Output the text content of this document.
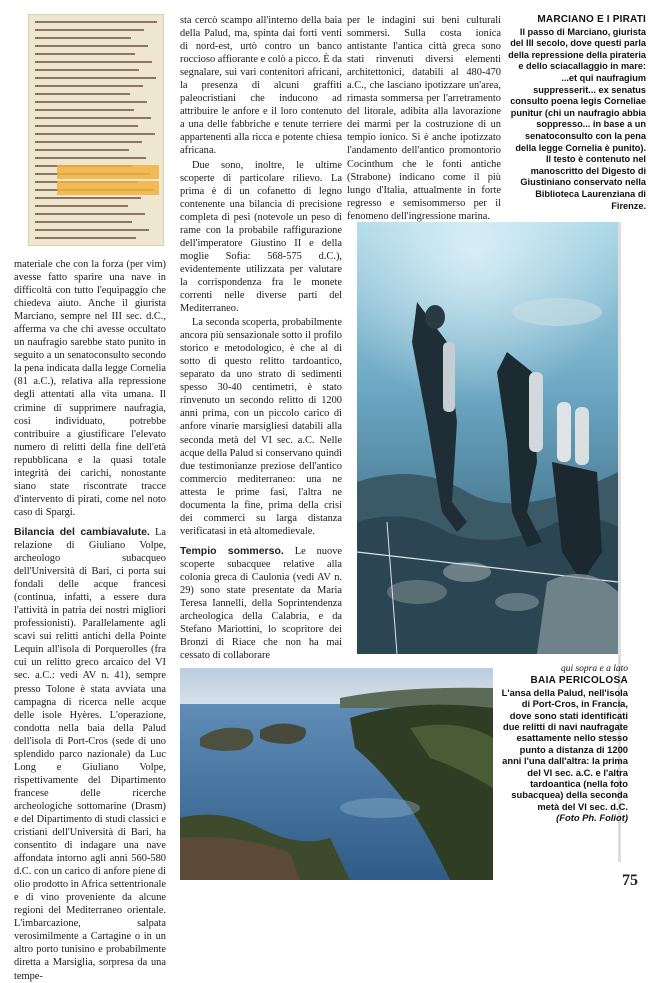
materiale che con la forza (per vim) avesse fatto sparire una nave in difficoltà con tutto l'equipaggio che chiedeva aiuto. Anche il giurista Marciano, sempre nel III sec. d.C., afferma va che chi avesse occultato un naufragio sarebbe stato punito in seguito a un senatoconsulto secondo la pena indicata dalla legge Cornelia (81 a.C.), relativa alla repressione degli attentati alla vita umana. Il crimine di supprimere naufragia, così individuato, potrebbe contribuire a giustificare l'elevato numero di relitti della fine dell'età repubblicana e la quasi totale integrità dei carichi, nonostante siano state riscontrate tracce d'intervento di pirati, come nel noto caso di Spargi.

Bilancia del cambiavalute. La relazione di Giuliano Volpe, archeologo subacqueo dell'Università di Bari, ci porta sui fondali delle acque francesi (continua, infatti, a essere dura l'attività in patria dei nostri migliori professionisti). Parallelamente agli scavi sui relitti antichi della Pointe Lequin all'isola di Porquerolles (fra cui un relitto greco arcaico del VI sec. a.C.: vedi AV n. 41), sempre presso Tolone è stata avviata una campagna di ricerca nelle acque delle isole Hyères. L'operazione, condotta nella baia della Palud dell'isola di Port-Cros (sede di uno splendido parco nazionale) da Luc Long e Giuliano Volpe, rispettivamente del Dipartimento francese delle ricerche archeologiche sottomarine (Drasm) e del Dipartimento di studi classici e cristiani dell'Università di Bari, ha consentito di indagare una nave affondata intorno agli anni 560-580 d.C. con un carico di anfore piene di olio prodotto in Africa settentrionale e di vino proveniente da alcune regioni del Mediterraneo orientale. L'imbarcazione, salpata verosimilmente a Cartagine o in un altro porto tunisino e probabilmente diretta a Marsiglia, sorpresa da una tempe-

sta cercò scampo all'interno della baia della Palud, ma, spinta dai forti venti di nord-est, urtò contro un banco roccioso affiorante e colò a picco. È da segnalare, sui vari contenitori africani, la presenza di alcuni graffiti paleocristiani che inducono ad attribuire le anfore e il loro contenuto a una delle fabbriche e tenute terriere appartenenti alla ricca e potente chiesa africana.

Due sono, inoltre, le ultime scoperte di particolare rilievo. La prima è di un cofanetto di legno contenente una bilancia di precisione completa di pesi (notevole un peso di rame con la probabile raffigurazione dell'imperatore Giustino II e della moglie Sofia: 568-575 d.C.), evidentemente utilizzata per valutare la corrispondenza fra le monete correnti nelle diverse parti del Mediterraneo.

La seconda scoperta, probabilmente ancora più sensazionale sotto il profilo storico e metodologico, è che al di sotto di questo relitto tardoantico, separato da uno strato di sedimenti spesso 30-40 centimetri, è stato rinvenuto un secondo relitto di 1200 anni prima, con un piccolo carico di anfore vinarie marsigliesi databili alla seconda metà del VI sec. a.C. Nelle acque della Palud si conservano quindi due testimonianze preziose dell'antico commercio mediterraneo: una ne attesta le prime fasi, l'altra ne documenta la fine, prima della crisi dei commerci su larga distanza verificatasi in età altomedievale.

Tempio sommerso. Le nuove scoperte subacquee relative alla colonia greca di Caulonia (vedi AV n. 29) sono state presentate da Maria Teresa Iannelli, della Soprintendenza archeologica della Calabria, e da Stefano Mariottini, lo scopritore dei Bronzi di Riace che non ha mai cessato di collaborare

per le indagini sui beni culturali sommersi. Sulla costa ionica antistante l'antica città greca sono stati rinvenuti diversi elementi architettonici, databili al 480-470 a.C., che lasciano ipotizzare un'area, rimasta sommersa per l'arretramento del litorale, adibita alla lavorazione dei marmi per la costruzione di un tempio ionico. Si è anche ipotizzato l'andamento dell'antico promontorio Cocinthum che le fonti antiche (Strabone) indicano come il più lungo d'Italia, attualmente in forte regresso e semisommerso per il fenomeno dell'ingressione marina.

MARCIANO E I PIRATI
Il passo di Marciano, giurista del III secolo, dove questi parla della repressione della pirateria e dello sciacallaggio in mare: ...et qui naufragium suppresserit... ex senatus consulto poena legis Corneliae punitur (chi un naufragio abbia soppresso... in base a un senatoconsulto con la pena della legge Cornelia è punito). Il testo è contenuto nel manoscritto del Digesto di Giustiniano conservato nella Biblioteca Laurenziana di Firenze.
qui sopra e a lato
BAIA PERICOLOSA
L'ansa della Palud, nell'isola di Port-Cros, in Francia, dove sono stati identificati due relitti di navi naufragate esattamente nello stesso punto a distanza di 1200 anni l'una dall'altra: la prima del VI sec. a.C. e l'altra tardoantica (nella foto subacquea) della seconda metà del VI sec. d.C.
(Foto Ph. Foliot)
75
